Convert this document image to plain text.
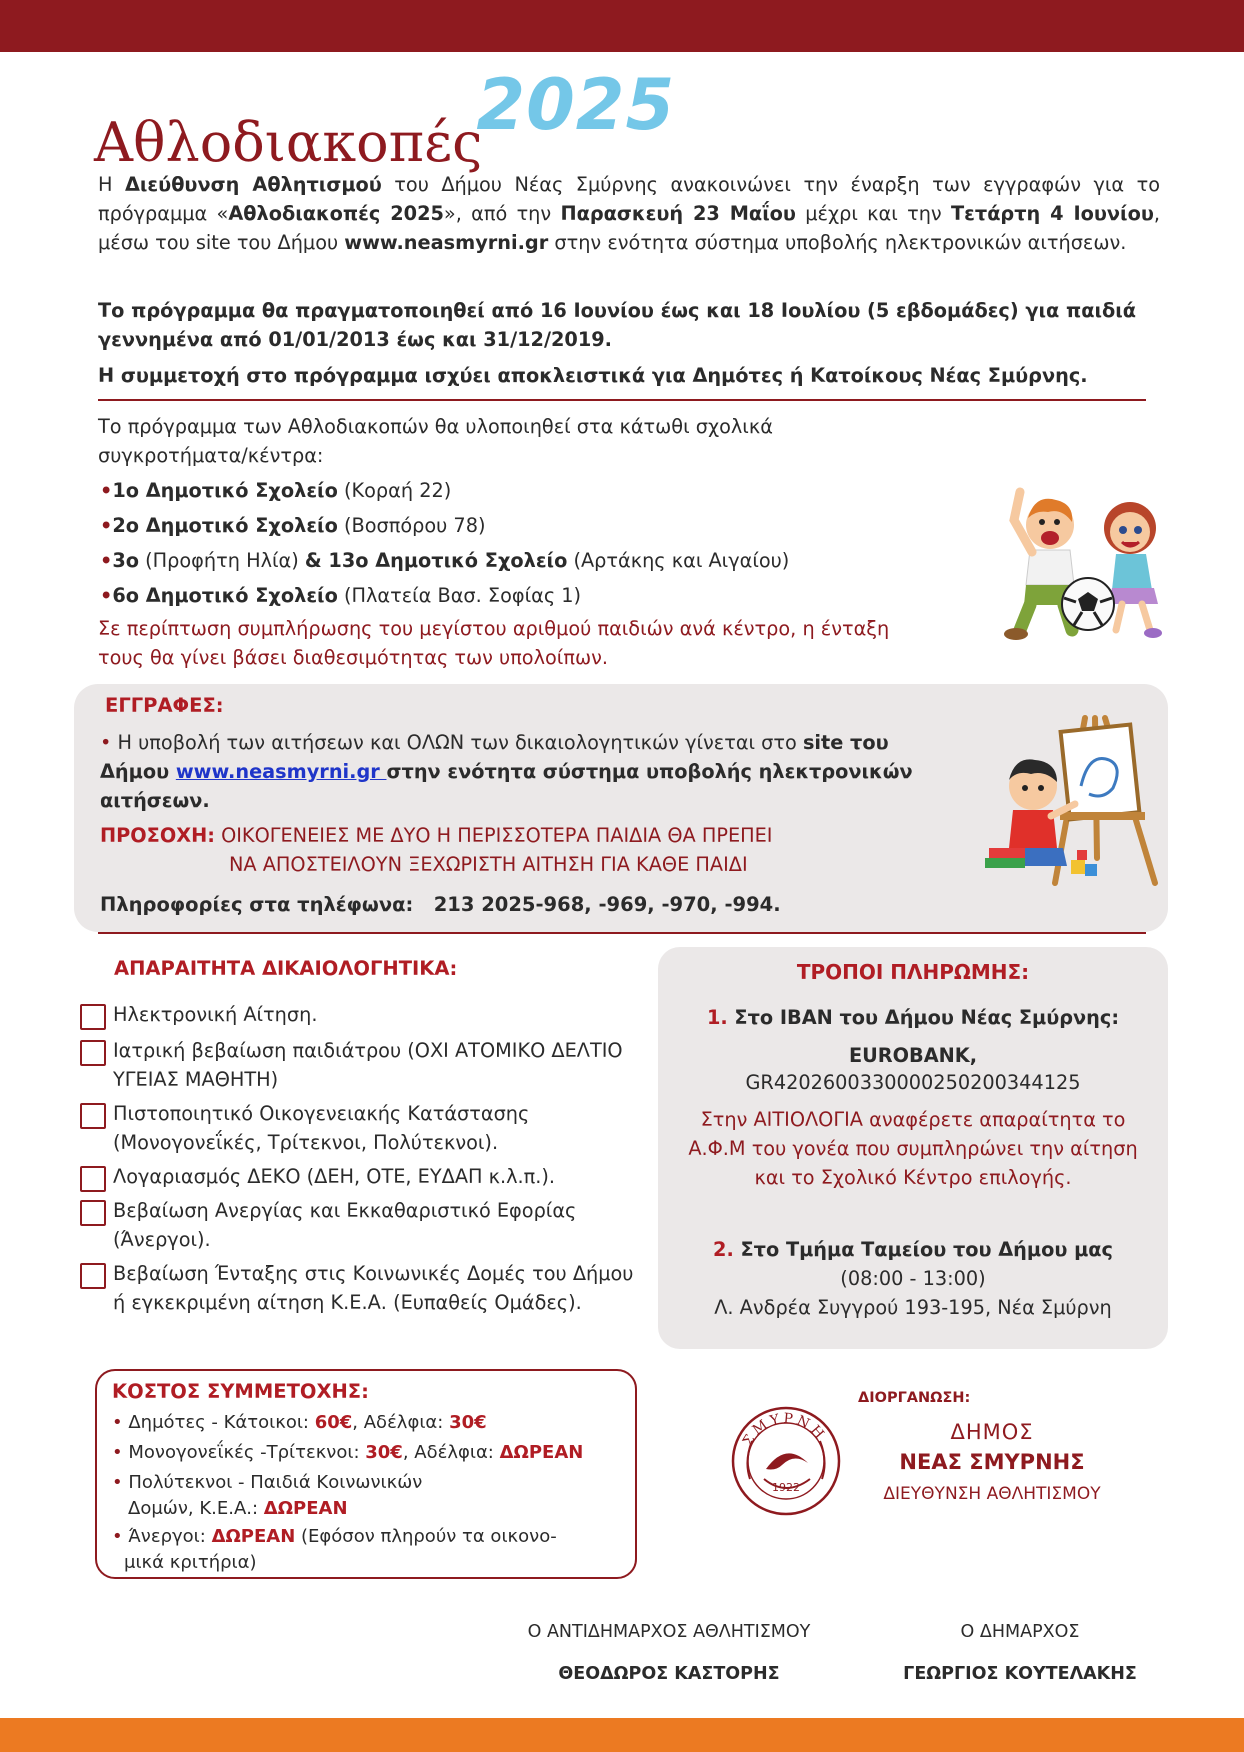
Αθλοδιακοπές2025
Η Διεύθυνση Αθλητισμού του Δήμου Νέας Σμύρνης ανακοινώνει την έναρξη των εγγραφών για το πρόγραμμα «Αθλοδιακοπές 2025», από την Παρασκευή 23 Μαΐου μέχρι και την Τετάρτη 4 Ιουνίου, μέσω του site του Δήμου www.neasmyrni.gr στην ενότητα σύστημα υποβολής ηλεκτρονικών αιτήσεων.
Το πρόγραμμα θα πραγματοποιηθεί από 16 Ιουνίου έως και 18 Ιουλίου (5 εβδομάδες) για παιδιά γεννημένα από 01/01/2013 έως και 31/12/2019.
Η συμμετοχή στο πρόγραμμα ισχύει αποκλειστικά για Δημότες ή Κατοίκους Νέας Σμύρνης.
Το πρόγραμμα των Αθλοδιακοπών θα υλοποιηθεί στα κάτωθι σχολικά συγκροτήματα/κέντρα:
•1ο Δημοτικό Σχολείο (Κοραή 22)
•2ο Δημοτικό Σχολείο (Βοσπόρου 78)
•3ο (Προφήτη Ηλία) & 13ο Δημοτικό Σχολείο (Αρτάκης και Αιγαίου)
•6ο Δημοτικό Σχολείο (Πλατεία Βασ. Σοφίας 1)
Σε περίπτωση συμπλήρωσης του μεγίστου αριθμού παιδιών ανά κέντρο, η ένταξη τους θα γίνει βάσει διαθεσιμότητας των υπολοίπων.
ΕΓΓΡΑΦΕΣ:
• Η υποβολή των αιτήσεων και ΟΛΩΝ των δικαιολογητικών γίνεται στο site του Δήμου www.neasmyrni.gr στην ενότητα σύστημα υποβολής ηλεκτρονικών αιτήσεων.
ΠΡΟΣΟΧΗ: ΟΙΚΟΓΕΝΕΙΕΣ ΜΕ ΔΥΟ Η ΠΕΡΙΣΣΟΤΕΡΑ ΠΑΙΔΙΑ ΘΑ ΠΡΕΠΕΙ
ΝΑ ΑΠΟΣΤΕΙΛΟΥΝ ΞΕΧΩΡΙΣΤΗ ΑΙΤΗΣΗ ΓΙΑ ΚΑΘΕ ΠΑΙΔΙ
Πληροφορίες στα τηλέφωνα: 213 2025-968, -969, -970, -994.
ΑΠΑΡΑΙΤΗΤΑ ΔΙΚΑΙΟΛΟΓΗΤΙΚΑ:
Ηλεκτρονική Αίτηση.
Ιατρική βεβαίωση παιδιάτρου (ΟΧΙ ΑΤΟΜΙΚΟ ΔΕΛΤΙΟ ΥΓΕΙΑΣ ΜΑΘΗΤΗ)
Πιστοποιητικό Οικογενειακής Κατάστασης (Μονογονεΐκές, Τρίτεκνοι, Πολύτεκνοι).
Λογαριασμός ΔΕΚΟ (ΔΕΗ, ΟΤΕ, ΕΥΔΑΠ κ.λ.π.).
Βεβαίωση Ανεργίας και Εκκαθαριστικό Εφορίας (Άνεργοι).
Βεβαίωση Ένταξης στις Κοινωνικές Δομές του Δήμου ή εγκεκριμένη αίτηση Κ.Ε.Α. (Ευπαθείς Ομάδες).
ΤΡΟΠΟΙ ΠΛΗΡΩΜΗΣ:
1. Στο IBAN του Δήμου Νέας Σμύρνης:
EUROBANK,
GR4202600330000250200344125
Στην ΑΙΤΙΟΛΟΓΙΑ αναφέρετε απαραίτητα το Α.Φ.Μ του γονέα που συμπληρώνει την αίτηση και το Σχολικό Κέντρο επιλογής.
2. Στο Τμήμα Ταμείου του Δήμου μας
(08:00 - 13:00)
Λ. Ανδρέα Συγγρού 193-195, Νέα Σμύρνη
ΚΟΣΤΟΣ ΣΥΜΜΕΤΟΧΗΣ:
• Δημότες - Κάτοικοι: 60€, Αδέλφια: 30€
• Μονογονεΐκές -Τρίτεκνοι: 30€, Αδέλφια: ΔΩΡΕΑΝ
• Πολύτεκνοι - Παιδιά Κοινωνικών
Δομών, Κ.Ε.Α.: ΔΩΡΕΑΝ
• Άνεργοι: ΔΩΡΕΑΝ (Εφόσον πληρούν τα οικονο-
μικά κριτήρια)
ΔΙΟΡΓΑΝΩΣΗ:
ΣΜΥΡΝΗ
1922
ΔΗΜΟΣ
ΝΕΑΣ ΣΜΥΡΝΗΣ
ΔΙΕΥΘΥΝΣΗ ΑΘΛΗΤΙΣΜΟΥ
Ο ΑΝΤΙΔΗΜΑΡΧΟΣ ΑΘΛΗΤΙΣΜΟΥ
ΘΕΟΔΩΡΟΣ ΚΑΣΤΟΡΗΣ
Ο ΔΗΜΑΡΧΟΣ
ΓΕΩΡΓΙΟΣ ΚΟΥΤΕΛΑΚΗΣ
